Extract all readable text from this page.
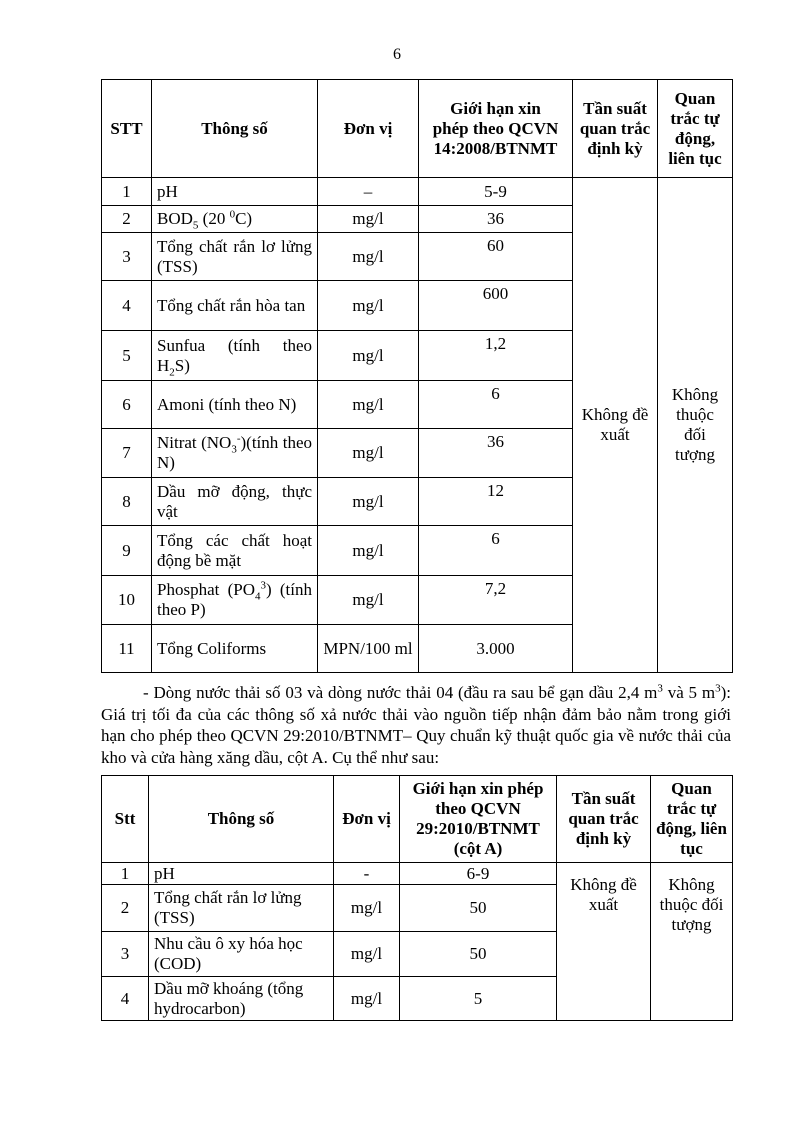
6
STT	Thông số	Đơn vị	Giới hạn xin phép theo QCVN 14:2008/BTNMT	Tần suất quan trắc định kỳ	Quan trắc tự động, liên tục
1	pH	–	5-9	Không đề xuất	Không thuộc đối tượng
2	$BOD_5$ (20 $^0$C)	mg/l	36		
3	Tổng chất rắn lơ lửng (TSS)	mg/l	60		
4	Tổng chất rắn hòa tan	mg/l	600		
5	Sunfua (tính theo $H_2S$)	mg/l	1,2		
6	Amoni (tính theo N)	mg/l	6		
7	Nitrat $(NO_3^-)(tính$ theo N)	mg/l	36		
8	Dầu mỡ động, thực vật	mg/l	12		
9	Tổng các chất hoạt động bề mặt	mg/l	6		
10	Phosphat $(PO_4^3)$ (tính theo P)	mg/l	7,2		
11	Tổng Coliforms	MPN/100 ml	3.000		
- Dòng nước thải số 03 và dòng nước thải 04 (đầu ra sau bể gạn dầu 2,4 $m^3$ và 5 $m^3$): Giá trị tối đa của các thông số xả nước thải vào nguồn tiếp nhận đảm bảo nằm trong giới hạn cho phép theo QCVN 29:2010/BTNMT– Quy chuẩn kỹ thuật quốc gia về nước thải của kho và cửa hàng xăng dầu, cột A. Cụ thể như sau:
Stt	Thông số	Đơn vị	Giới hạn xin phép theo QCVN 29:2010/BTNMT (cột A)	Tần suất quan trắc định kỳ	Quan trắc tự động, liên tục
1	pH	-	6-9	Không đề xuất	Không thuộc đối tượng
2	Tổng chất rắn lơ lửng (TSS)	mg/l	50		
3	Nhu cầu ô xy hóa học (COD)	mg/l	50		
4	Dầu mỡ khoáng (tổng hydrocarbon)	mg/l	5		
